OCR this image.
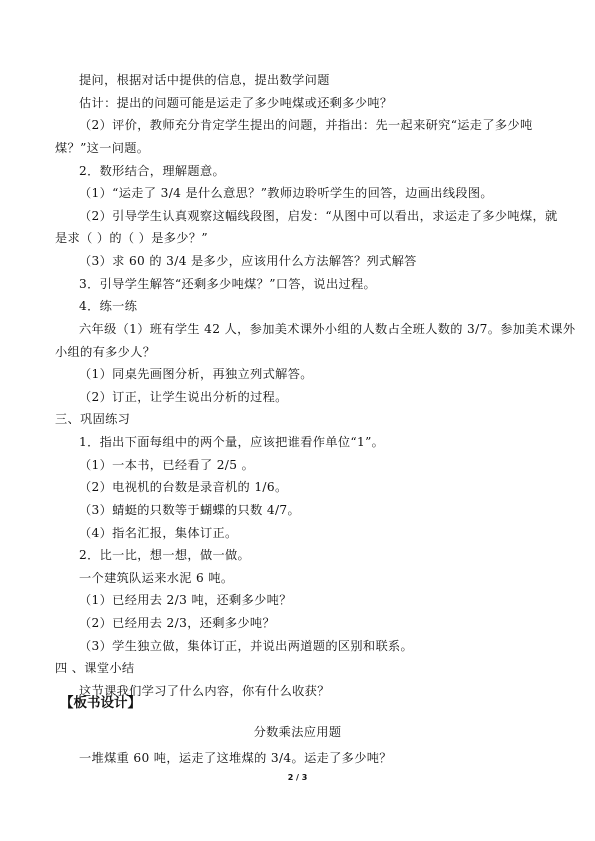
提问，根据对话中提供的信息，提出数学问题
估计：提出的问题可能是运走了多少吨煤或还剩多少吨？
（2）评价，教师充分肯定学生提出的问题，并指出：先一起来研究“运走了多少吨
煤？”这一问题。
2．数形结合，理解题意。
（1）“运走了 3/4 是什么意思？”教师边聆听学生的回答，边画出线段图。
（2）引导学生认真观察这幅线段图，启发：“从图中可以看出，求运走了多少吨煤，就
是求（ ）的（ ）是多少？”
（3）求 60 的 3/4 是多少，应该用什么方法解答？列式解答
3．引导学生解答“还剩多少吨煤？”口答，说出过程。
4．练一练
六年级（1）班有学生 42 人，参加美术课外小组的人数占全班人数的 3/7。参加美术课外
小组的有多少人？
（1）同桌先画图分析，再独立列式解答。
（2）订正，让学生说出分析的过程。
三、巩固练习
1．指出下面每组中的两个量，应该把谁看作单位“1”。
（1）一本书，已经看了 2/5 。
（2）电视机的台数是录音机的 1/6。
（3）蜻蜓的只数等于蝴蝶的只数 4/7。
（4）指名汇报，集体订正。
2．比一比，想一想，做一做。
一个建筑队运来水泥 6 吨。
（1）已经用去 2/3 吨，还剩多少吨？
（2）已经用去 2/3，还剩多少吨？
（3）学生独立做，集体订正，并说出两道题的区别和联系。
四 、课堂小结
这节课我们学习了什么内容，你有什么收获？
【板书设计】
分数乘法应用题
一堆煤重 60 吨，运走了这堆煤的 3/4。运走了多少吨？
2 / 3
